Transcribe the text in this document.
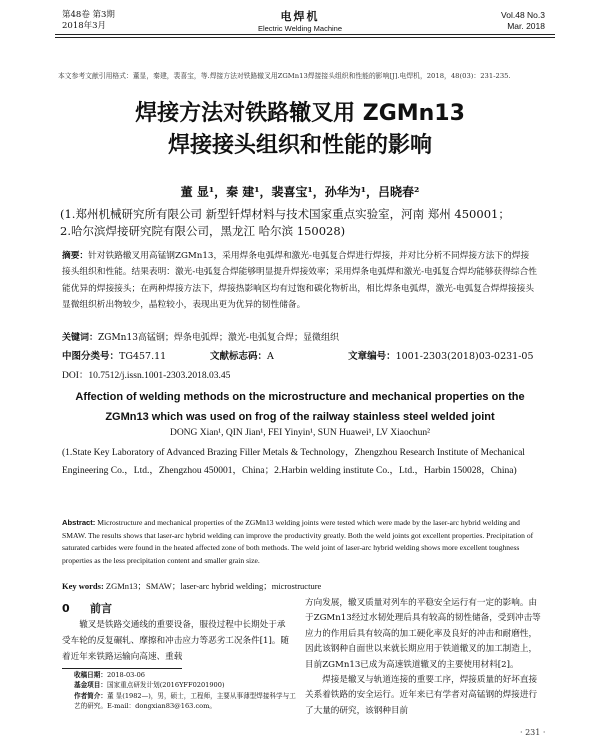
第48卷 第3期
2018年3月
电焊机
Electric Welding Machine
Vol.48 No.3
Mar. 2018
本文参考文献引用格式：董显，秦建，裴喜宝，等.焊接方法对铁路辙叉用ZGMn13焊接接头组织和性能的影响[J].电焊机，2018，48(03)：231-235.
焊接方法对铁路辙叉用 ZGMn13
焊接接头组织和性能的影响
董 显¹，秦 建¹，裴喜宝¹，孙华为¹，吕晓春²
(1.郑州机械研究所有限公司 新型钎焊材料与技术国家重点实验室，河南 郑州 450001；
2.哈尔滨焊接研究院有限公司，黑龙江 哈尔滨 150028)
摘要：针对铁路辙叉用高锰钢ZGMn13，采用焊条电弧焊和激光-电弧复合焊进行焊接，并对比分析不同焊接方法下的焊接接头组织和性能。结果表明：激光-电弧复合焊能够明显提升焊接效率；采用焊条电弧焊和激光-电弧复合焊均能够获得综合性能优异的焊接接头；在两种焊接方法下，焊接热影响区均有过饱和碳化物析出，相比焊条电弧焊，激光-电弧复合焊焊接接头显微组织析出物较少，晶粒较小，表现出更为优异的韧性储备。
关键词：ZGMn13高锰钢；焊条电弧焊；激光-电弧复合焊；显微组织
中图分类号：TG457.11	文献标志码：A	文章编号：1001-2303(2018)03-0231-05
DOI：10.7512/j.issn.1001-2303.2018.03.45
Affection of welding methods on the microstructure and mechanical properties on the
ZGMn13 which was used on frog of the railway stainless steel welded joint
DONG Xian¹, QIN Jian¹, FEI Yinyin¹, SUN Huawei¹, LV Xiaochun²
(1.State Key Laboratory of Advanced Brazing Filler Metals & Technology，Zhengzhou Research Institute of Mechanical Engineering Co.，Ltd.，Zhengzhou 450001，China；2.Harbin welding institute Co.，Ltd.，Harbin 150028，China)
Abstract: Microstructure and mechanical properties of the ZGMn13 welding joints were tested which were made by the laser-arc hybrid welding and SMAW. The results shows that laser-arc hybrid welding can improve the productivity greatly. Both the weld joints got excellent properties. Precipitation of saturated carbides were found in the heated affected zone of both methods. The weld joint of laser-arc hybrid welding shows more excellent toughness properties as the less precipitation content and smaller grain size.
Key words: ZGMn13；SMAW；laser-arc hybrid welding；microstructure
0 前言
辙叉是铁路交通线的重要设备，服役过程中长期处于承受车轮的反复碾轧、摩擦和冲击应力等恶劣工况条件[1]。随着近年来铁路运输向高速、重载
方向发展，辙叉质量对列车的平稳安全运行有一定的影响。由于ZGMn13经过水韧处理后具有较高的韧性储备，受到冲击等应力的作用后具有较高的加工硬化率及良好的冲击和耐磨性，因此该钢种自面世以来就长期应用于铁道辙叉的加工制造上，目前ZGMn13已成为高速铁道辙叉的主要使用材料[2]。
焊接是辙叉与轨道连接的重要工序，焊接质量的好坏直接关系着铁路的安全运行。近年来已有学者对高锰钢的焊接进行了大量的研究，该钢种目前
收稿日期：2018-03-06
基金项目：国家重点研发计划(2016YFF0201900)
作者简介：董 显(1982—)，男，硕士，工程师，主要从事薄型焊接科学与工艺的研究。E-mail：dongxian83@163.com。
· 231 ·
